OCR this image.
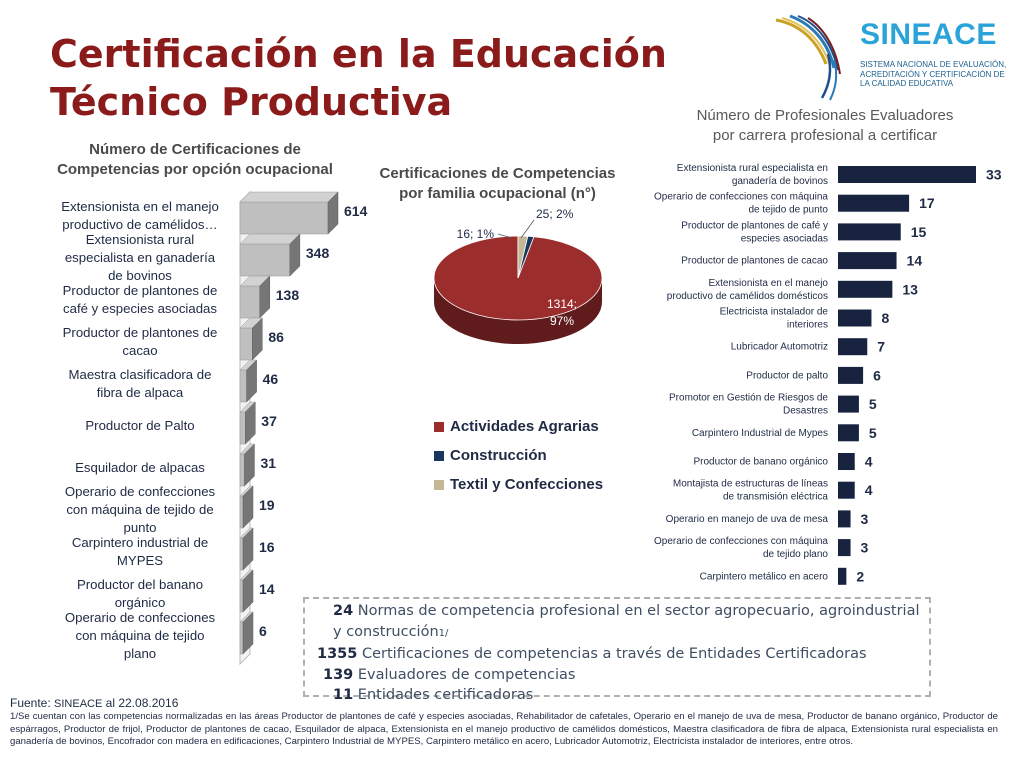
Certificación en la Educación Técnico Productiva
SINEACE
SISTEMA NACIONAL DE EVALUACIÓN, ACREDITACIÓN Y CERTIFICACIÓN DE LA CALIDAD EDUCATIVA
Número de Certificaciones de
Competencias por opción ocupacional	Certificaciones de Competencias
por familia ocupacional (n°)
Número de Profesionales Evaluadores
por carrera profesional a certificar
614
Extensionista en el manejo productivo de camélidos…
348
Extensionista rural especialista en ganadería de bovinos
138
Productor de plantones de café y especies asociadas
86
Productor de plantones de cacao
46
Maestra clasificadora de fibra de alpaca
37
Productor de Palto
31
Esquilador de alpacas
19
Operario de confecciones con máquina de tejido de punto
16
Carpintero industrial de MYPES
14
Productor del banano orgánico
6
Operario de confecciones con máquina de tejido plano
1314; 97%
16; 1%
25; 2%
33
Extensionista rural especialista en ganadería de bovinos
17
Operario de confecciones con máquina de tejido de punto
15
Productor de plantones de café y especies asociadas
14
Productor de plantones de cacao
13
Extensionista en el manejo productivo de camélidos domésticos
8
Electricista instalador de interiores
7
Lubricador Automotriz
6
Productor de palto
5
Promotor en Gestión de Riesgos de Desastres
5
Carpintero Industrial de Mypes
4
Productor de banano orgánico
4
Montajista de estructuras de líneas de transmisión eléctrica
3
Operario en manejo de uva de mesa
3
Operario de confecciones con máquina de tejido plano
2
Carpintero metálico en acero
Actividades Agrarias
Construcción
Textil y Confecciones
24 Normas de competencia profesional en el sector agropecuario, agroindustrial y construcción1/
1355 Certificaciones de competencias a través de Entidades Certificadoras
139 Evaluadores de competencias
11 Entidades certificadoras
Fuente: SINEACE al 22.08.2016
1/Se cuentan con las competencias normalizadas en las áreas Productor de plantones de café y especies asociadas, Rehabilitador de cafetales, Operario en el manejo de uva de mesa, Productor de banano orgánico, Productor de espárragos, Productor de frijol, Productor de plantones de cacao, Esquilador de alpaca, Extensionista en el manejo productivo de camélidos domésticos, Maestra clasificadora de fibra de alpaca, Extensionista rural especialista en ganadería de bovinos, Encofrador con madera en edificaciones, Carpintero Industrial de MYPES, Carpintero metálico en acero, Lubricador Automotriz, Electricista instalador de interiores, entre otros.
